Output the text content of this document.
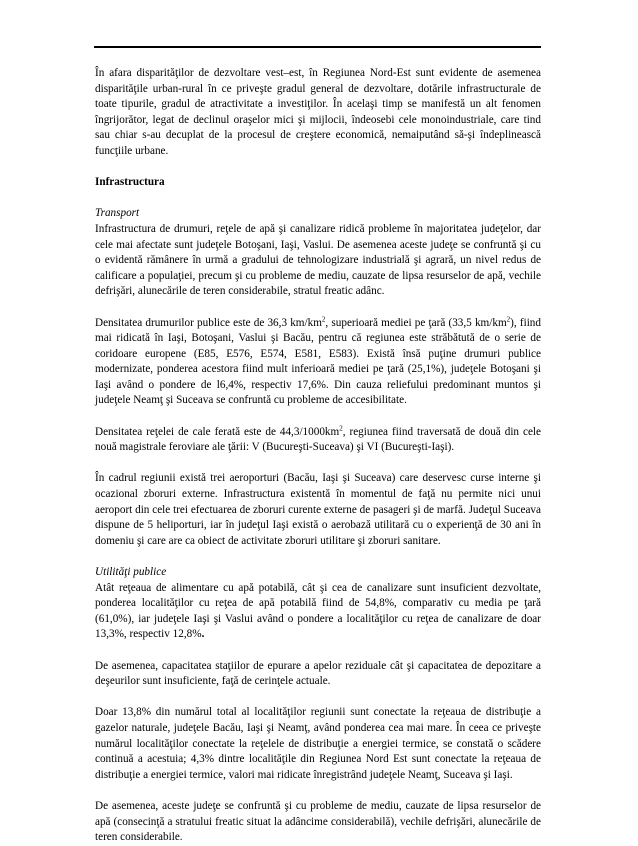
În afara disparităţilor de dezvoltare vest–est, în Regiunea Nord-Est sunt evidente de asemenea disparităţile urban-rural în ce priveşte gradul general de dezvoltare, dotările infrastructurale de toate tipurile, gradul de atractivitate a investiţilor. În acelaşi timp se manifestă un alt fenomen îngrijorător, legat de declinul oraşelor mici şi mijlocii, îndeosebi cele monoindustriale, care tind sau chiar s-au decuplat de la procesul de creştere economică, nemaiputând să-şi îndeplinească funcţiile urbane.

Infrastructura

Transport

Infrastructura de drumuri, reţele de apă şi canalizare ridică probleme în majoritatea judeţelor, dar cele mai afectate sunt judeţele Botoşani, Iaşi, Vaslui. De asemenea aceste judeţe se confruntă şi cu o evidentă rămânere în urmă a gradului de tehnologizare industrială şi agrară, un nivel redus de calificare a populaţiei, precum şi cu probleme de mediu, cauzate de lipsa resurselor de apă, vechile defrişări, alunecările de teren considerabile, stratul freatic adânc.

Densitatea drumurilor publice este de 36,3 $km/km^2$, superioară mediei pe ţară (33,5 $km/km^2$), fiind mai ridicată în Iaşi, Botoşani, Vaslui şi Bacău, pentru că regiunea este străbătută de o serie de coridoare europene (E85, E576, E574, E581, E583). Există însă puţine drumuri publice modernizate, ponderea acestora fiind mult inferioară mediei pe ţară (25,1%), judeţele Botoşani şi Iaşi având o pondere de l6,4%, respectiv 17,6%. Din cauza reliefului predominant muntos şi judeţele Neamţ şi Suceava se confruntă cu probleme de accesibilitate.

Densitatea reţelei de cale ferată este de $44,3/1000km^2$, regiunea fiind traversată de două din cele nouă magistrale feroviare ale ţării: V (Bucureşti-Suceava) şi VI (Bucureşti-Iaşi).

În cadrul regiunii există trei aeroporturi (Bacău, Iaşi şi Suceava) care deservesc curse interne şi ocazional zboruri externe. Infrastructura existentă în momentul de faţă nu permite nici unui aeroport din cele trei efectuarea de zboruri curente externe de pasageri şi de marfă. Judeţul Suceava dispune de 5 heliporturi, iar în judeţul Iaşi există o aerobază utilitară cu o experienţă de 30 ani în domeniu şi care are ca obiect de activitate zboruri utilitare şi zboruri sanitare.

Utilităţi publice

Atât reţeaua de alimentare cu apă potabilă, cât şi cea de canalizare sunt insuficient dezvoltate, ponderea localităţilor cu reţea de apă potabilă fiind de 54,8%, comparativ cu media pe ţară (61,0%), iar judeţele Iaşi şi Vaslui având o pondere a localităţilor cu reţea de canalizare de doar 13,3%, respectiv 12,8%.

De asemenea, capacitatea staţiilor de epurare a apelor reziduale cât şi capacitatea de depozitare a deşeurilor sunt insuficiente, faţă de cerinţele actuale.

Doar 13,8% din numărul total al localităţilor regiunii sunt conectate la reţeaua de distribuţie a gazelor naturale, judeţele Bacău, Iaşi şi Neamţ, având ponderea cea mai mare. În ceea ce priveşte numărul localităţilor conectate la reţelele de distribuţie a energiei termice, se constată o scădere continuă a acestuia; 4,3% dintre localităţile din Regiunea Nord Est sunt conectate la reţeaua de distribuţie a energiei termice, valori mai ridicate înregistrând judeţele Neamţ, Suceava şi Iaşi.

De asemenea, aceste judeţe se confruntă şi cu probleme de mediu, cauzate de lipsa resurselor de apă (consecinţă a stratului freatic situat la adâncime considerabilă), vechile defrişări, alunecările de teren considerabile.
